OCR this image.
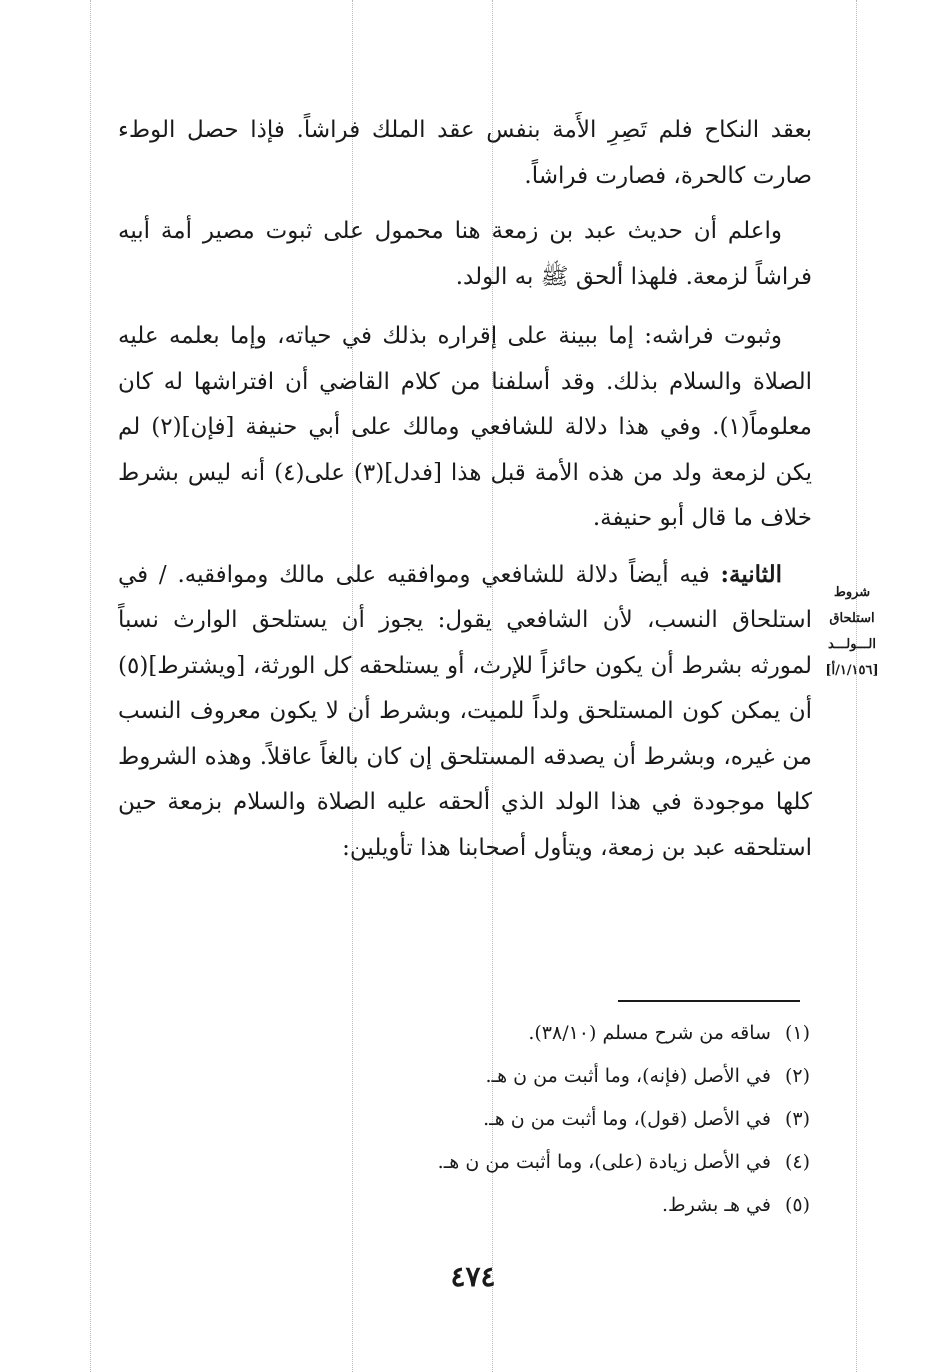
بعقد النكاح فلم تَصِرِ الأَمة بنفس عقد الملك فراشاً. فإذا حصل الوطء صارت كالحرة، فصارت فراشاً.

واعلم أن حديث عبد بن زمعة هنا محمول على ثبوت مصير أمة أبيه فراشاً لزمعة. فلهذا ألحق ﷺ به الولد.

وثبوت فراشه: إما ببينة على إقراره بذلك في حياته، وإما بعلمه عليه الصلاة والسلام بذلك. وقد أسلفنا من كلام القاضي أن افتراشها له كان معلوماً(١). وفي هذا دلالة للشافعي ومالك على أبي حنيفة [فإن](٢) لم يكن لزمعة ولد من هذه الأمة قبل هذا [فدل](٣) على(٤) أنه ليس بشرط خلاف ما قال أبو حنيفة.

الثانية: فيه أيضاً دلالة للشافعي وموافقيه على مالك وموافقيه. / في استلحاق النسب، لأن الشافعي يقول: يجوز أن يستلحق الوارث نسباً لمورثه بشرط أن يكون حائزاً للإرث، أو يستلحقه كل الورثة، [ويشترط](٥) أن يمكن كون المستلحق ولداً للميت، وبشرط أن لا يكون معروف النسب من غيره، وبشرط أن يصدقه المستلحق إن كان بالغاً عاقلاً. وهذه الشروط كلها موجودة في هذا الولد الذي ألحقه عليه الصلاة والسلام بزمعة حين استلحقه عبد بن زمعة، ويتأول أصحابنا هذا تأويلين:

شروط استلحاق
الـــولـــد
[١/١٥٦/أ]
(١)ساقه من شرح مسلم (٣٨/١٠).
(٢)في الأصل (فإنه)، وما أثبت من ن هـ.
(٣)في الأصل (قول)، وما أثبت من ن هـ.
(٤)في الأصل زيادة (على)، وما أثبت من ن هـ.
(٥)في هـ بشرط.
٤٧٤
